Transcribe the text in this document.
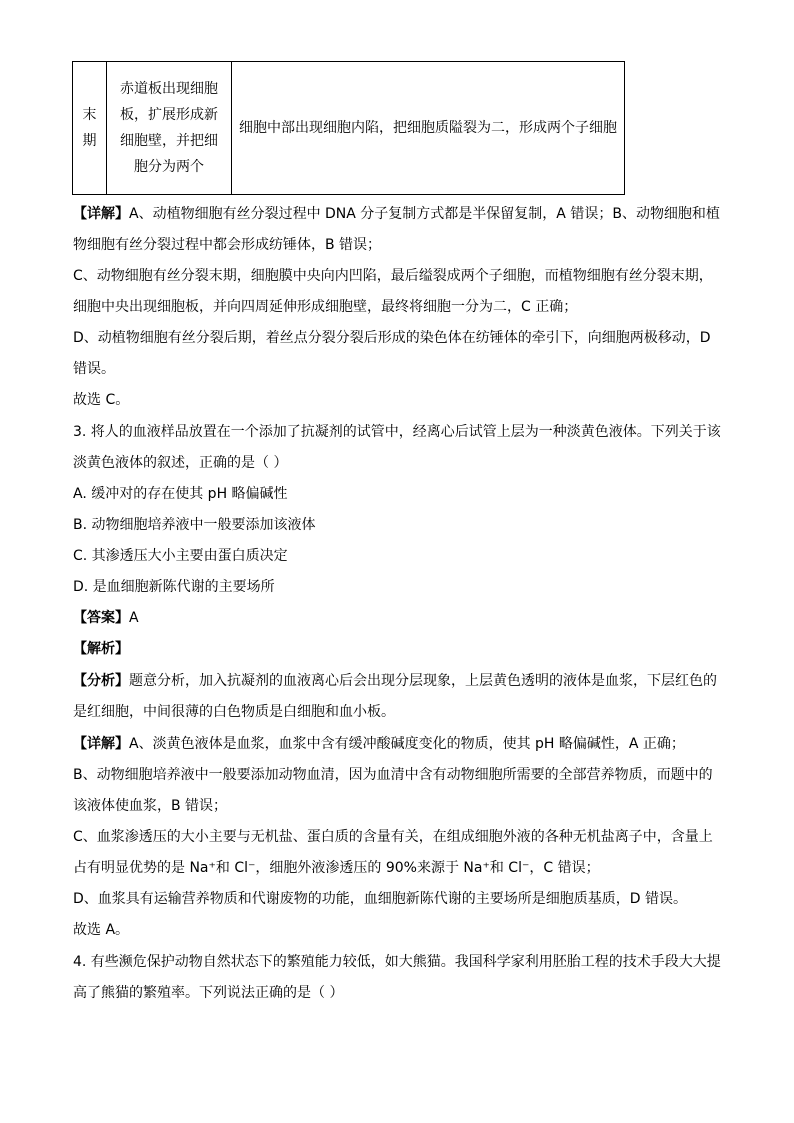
末
期
赤道板出现细胞
板，扩展形成新
细胞壁，并把细
胞分为两个
细胞中部出现细胞内陷，把细胞质隘裂为二，形成两个子细胞
【详解】A、动植物细胞有丝分裂过程中 DNA 分子复制方式都是半保留复制，A 错误；B、动物细胞和植
物细胞有丝分裂过程中都会形成纺锤体，B 错误；
C、动物细胞有丝分裂末期，细胞膜中央向内凹陷，最后缢裂成两个子细胞，而植物细胞有丝分裂末期，
细胞中央出现细胞板，并向四周延伸形成细胞壁，最终将细胞一分为二，C 正确；
D、动植物细胞有丝分裂后期，着丝点分裂分裂后形成的染色体在纺锤体的牵引下，向细胞两极移动，D
错误。
故选 C。
3. 将人的血液样品放置在一个添加了抗凝剂的试管中，经离心后试管上层为一种淡黄色液体。下列关于该
淡黄色液体的叙述，正确的是（ ）
A. 缓冲对的存在使其 pH 略偏碱性
B. 动物细胞培养液中一般要添加该液体
C. 其渗透压大小主要由蛋白质决定
D. 是血细胞新陈代谢的主要场所
【答案】A
【解析】
【分析】题意分析，加入抗凝剂的血液离心后会出现分层现象，上层黄色透明的液体是血浆，下层红色的
是红细胞，中间很薄的白色物质是白细胞和血小板。
【详解】A、淡黄色液体是血浆，血浆中含有缓冲酸碱度变化的物质，使其 pH 略偏碱性，A 正确；
B、动物细胞培养液中一般要添加动物血清，因为血清中含有动物细胞所需要的全部营养物质，而题中的
该液体使血浆，B 错误；
C、血浆渗透压的大小主要与无机盐、蛋白质的含量有关，在组成细胞外液的各种无机盐离子中，含量上
占有明显优势的是 Na⁺和 Cl⁻，细胞外液渗透压的 90%来源于 Na⁺和 Cl⁻，C 错误；
D、血浆具有运输营养物质和代谢废物的功能，血细胞新陈代谢的主要场所是细胞质基质，D 错误。
故选 A。
4. 有些濒危保护动物自然状态下的繁殖能力较低，如大熊猫。我国科学家利用胚胎工程的技术手段大大提
高了熊猫的繁殖率。下列说法正确的是（ ）
